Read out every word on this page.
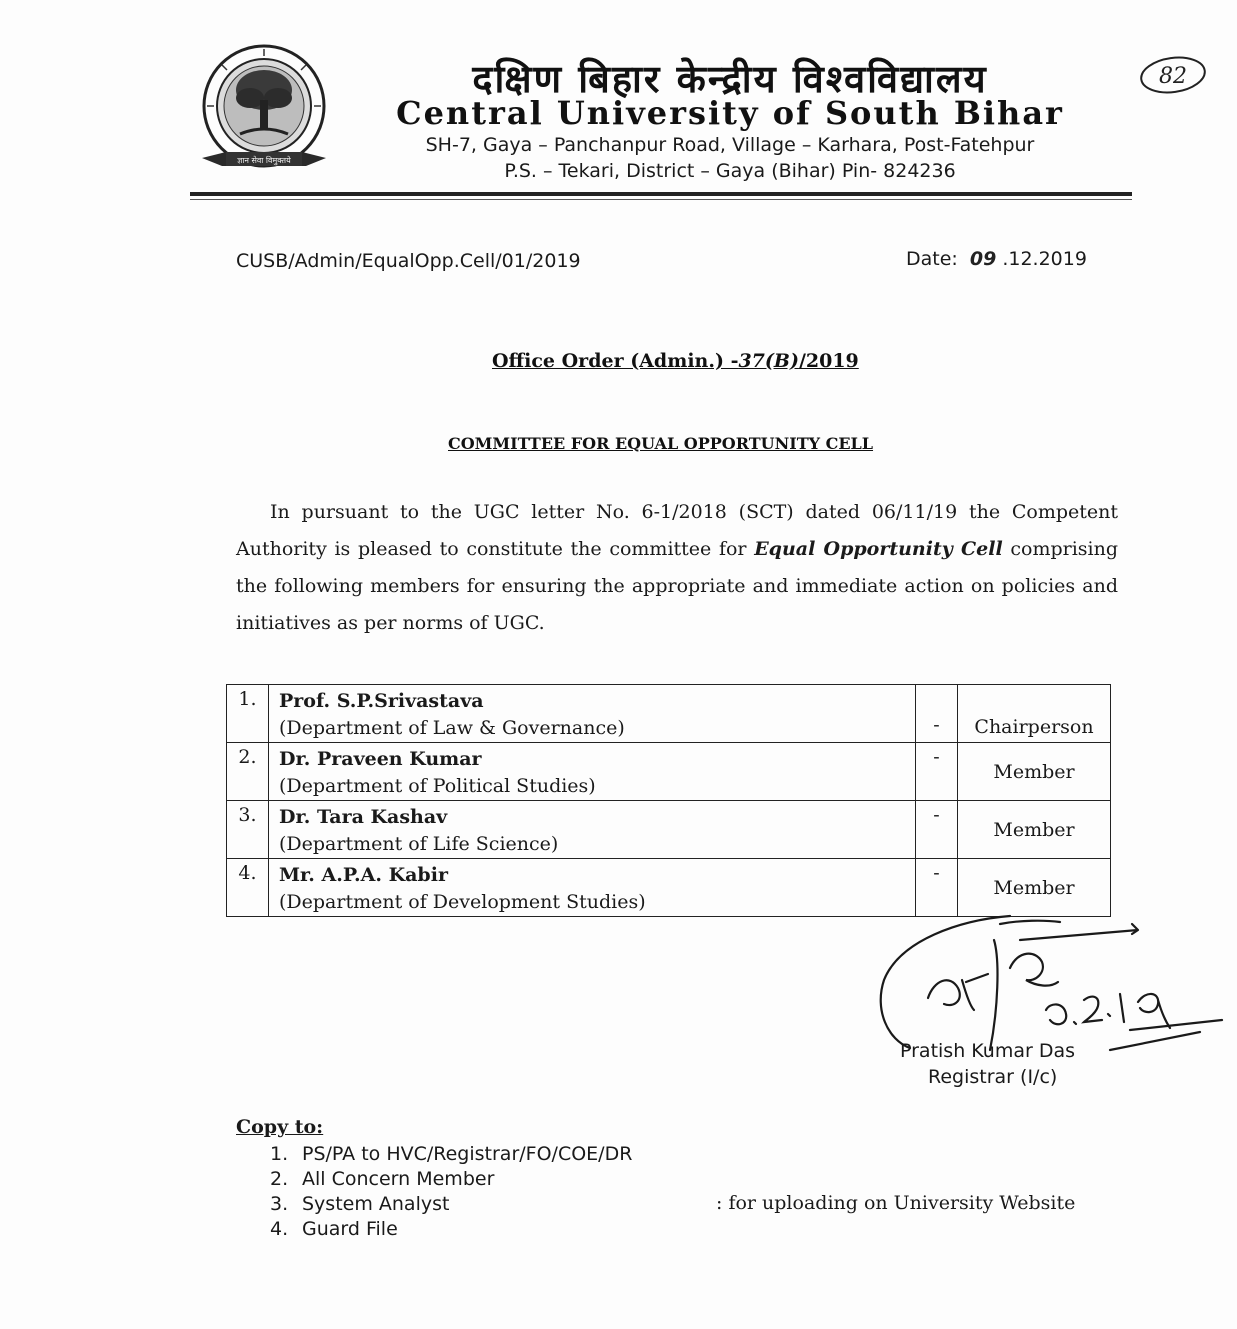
ज्ञान सेवा विमुक्तये
दक्षिण बिहार केन्द्रीय विश्वविद्यालय
Central University of South Bihar
SH-7, Gaya – Panchanpur Road, Village – Karhara, Post-Fatehpur
P.S. – Tekari, District – Gaya (Bihar) Pin- 824236
82
CUSB/Admin/EqualOpp.Cell/01/2019	Date: 09 .12.2019
Office Order (Admin.) -37(B)/2019
COMMITTEE FOR EQUAL OPPORTUNITY CELL
In pursuant to the UGC letter No. 6-1/2018 (SCT) dated 06/11/19 the Competent Authority is pleased to constitute the committee for Equal Opportunity Cell comprising the following members for ensuring the appropriate and immediate action on policies and initiatives as per norms of UGC.
1.	Prof. S.P.Srivastava
(Department of Law & Governance)	-	Chairperson
2.	Dr. Praveen Kumar
(Department of Political Studies)	-	Member
3.	Dr. Tara Kashav
(Department of Life Science)	-	Member
4.	Mr. A.P.A. Kabir
(Department of Development Studies)	-	Member
Pratish Kumar Das
Registrar (I/c)
Copy to:
1. PS/PA to HVC/Registrar/FO/COE/DR
2. All Concern Member
3. System Analyst
4. Guard File
: for uploading on University Website
